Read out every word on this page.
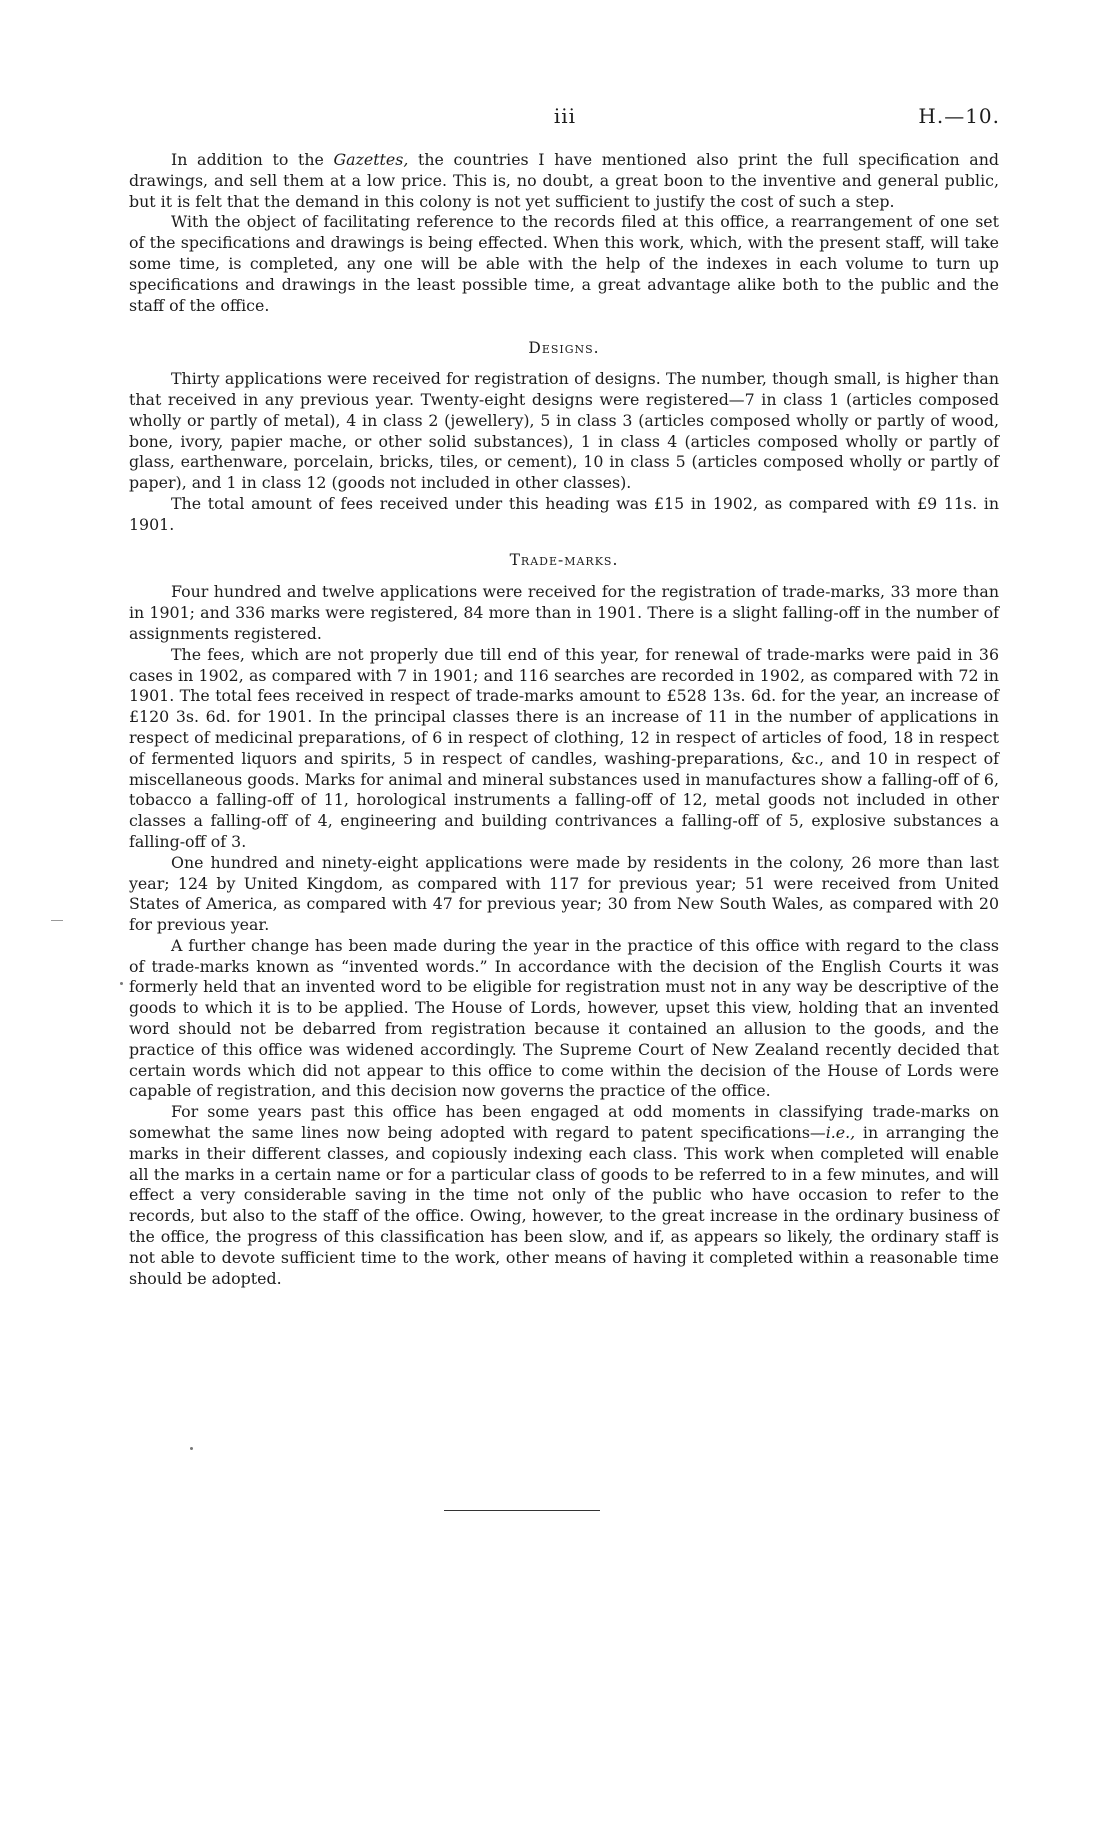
iii	H.—10.

In addition to the Gazettes, the countries I have mentioned also print the full specification and drawings, and sell them at a low price. This is, no doubt, a great boon to the inventive and general public, but it is felt that the demand in this colony is not yet sufficient to justify the cost of such a step.

With the object of facilitating reference to the records filed at this office, a rearrangement of one set of the specifications and drawings is being effected. When this work, which, with the present staff, will take some time, is completed, any one will be able with the help of the indexes in each volume to turn up specifications and drawings in the least possible time, a great advantage alike both to the public and the staff of the office.

Designs.

Thirty applications were received for registration of designs. The number, though small, is higher than that received in any previous year. Twenty-eight designs were registered—7 in class 1 (articles composed wholly or partly of metal), 4 in class 2 (jewellery), 5 in class 3 (articles composed wholly or partly of wood, bone, ivory, papier mache, or other solid substances), 1 in class 4 (articles composed wholly or partly of glass, earthenware, porcelain, bricks, tiles, or cement), 10 in class 5 (articles composed wholly or partly of paper), and 1 in class 12 (goods not included in other classes).

The total amount of fees received under this heading was £15 in 1902, as compared with £9 11s. in 1901.

Trade-marks.

Four hundred and twelve applications were received for the registration of trade-marks, 33 more than in 1901; and 336 marks were registered, 84 more than in 1901. There is a slight falling-off in the number of assignments registered.

The fees, which are not properly due till end of this year, for renewal of trade-marks were paid in 36 cases in 1902, as compared with 7 in 1901; and 116 searches are recorded in 1902, as compared with 72 in 1901. The total fees received in respect of trade-marks amount to £528 13s. 6d. for the year, an increase of £120 3s. 6d. for 1901. In the principal classes there is an increase of 11 in the number of applications in respect of medicinal preparations, of 6 in respect of clothing, 12 in respect of articles of food, 18 in respect of fermented liquors and spirits, 5 in respect of candles, washing-preparations, &c., and 10 in respect of miscellaneous goods. Marks for animal and mineral substances used in manufactures show a falling-off of 6, tobacco a falling-off of 11, horological instruments a falling-off of 12, metal goods not included in other classes a falling-off of 4, engineering and building contrivances a falling-off of 5, explosive substances a falling-off of 3.

One hundred and ninety-eight applications were made by residents in the colony, 26 more than last year; 124 by United Kingdom, as compared with 117 for previous year; 51 were received from United States of America, as compared with 47 for previous year; 30 from New South Wales, as compared with 20 for previous year.

A further change has been made during the year in the practice of this office with regard to the class of trade-marks known as “invented words.” In accordance with the decision of the English Courts it was formerly held that an invented word to be eligible for registration must not in any way be descriptive of the goods to which it is to be applied. The House of Lords, however, upset this view, holding that an invented word should not be debarred from registration because it contained an allusion to the goods, and the practice of this office was widened accordingly. The Supreme Court of New Zealand recently decided that certain words which did not appear to this office to come within the decision of the House of Lords were capable of registration, and this decision now governs the practice of the office.

For some years past this office has been engaged at odd moments in classifying trade-marks on somewhat the same lines now being adopted with regard to patent specifications—i.e., in arranging the marks in their different classes, and copiously indexing each class. This work when completed will enable all the marks in a certain name or for a particular class of goods to be referred to in a few minutes, and will effect a very considerable saving in the time not only of the public who have occasion to refer to the records, but also to the staff of the office. Owing, however, to the great increase in the ordinary business of the office, the progress of this classification has been slow, and if, as appears so likely, the ordinary staff is not able to devote sufficient time to the work, other means of having it completed within a reasonable time should be adopted.
